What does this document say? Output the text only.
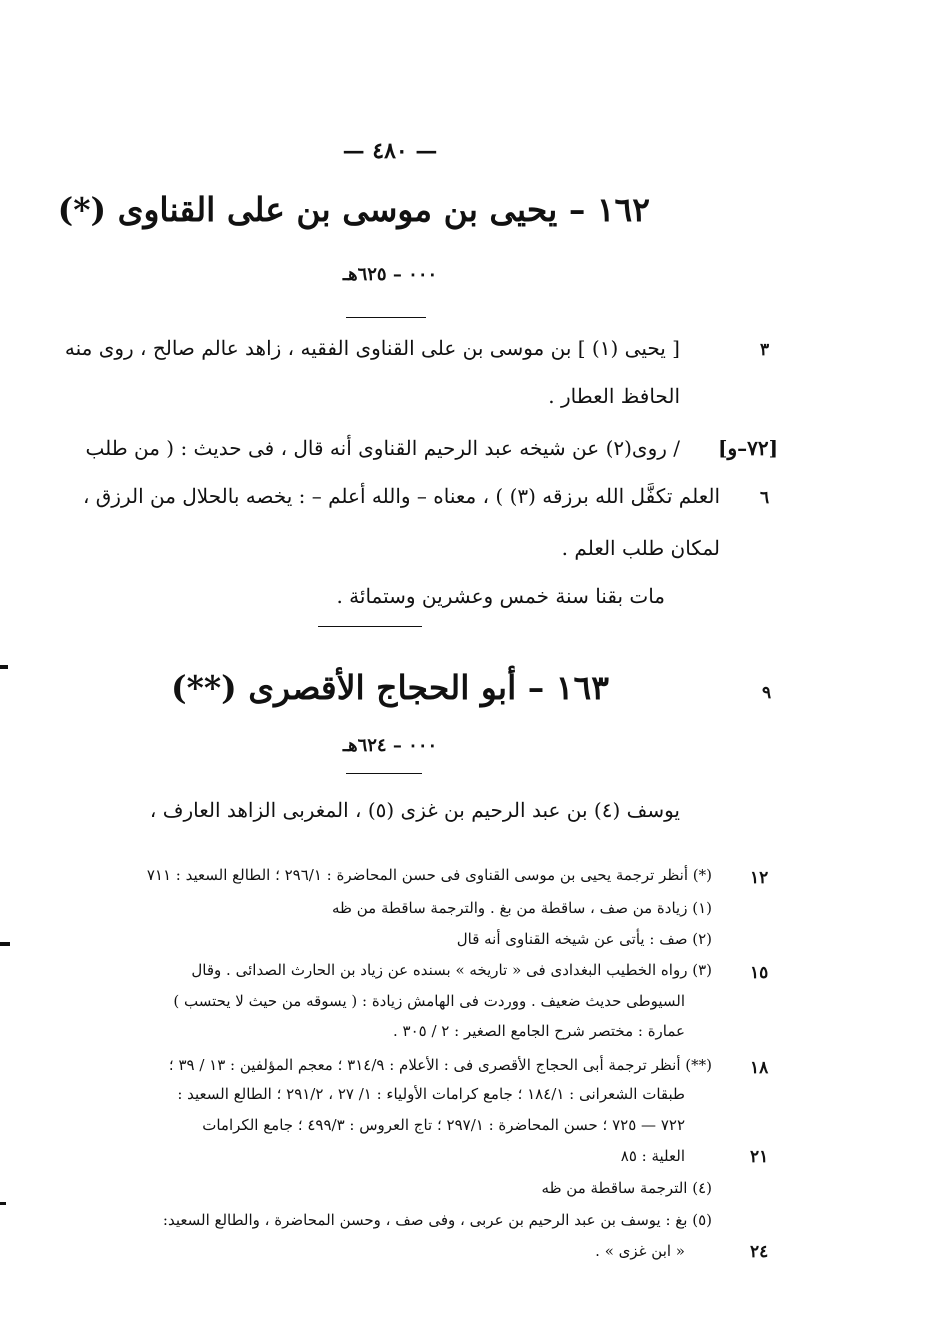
— ٤٨٠ —
١٦٢ – يحيى بن موسى بن على القناوى (*)
٠٠٠ – ٦٢٥هـ
[ يحيى (١) ] بن موسى بن على القناوى الفقيه ، زاهد عالم صالح ، روى منه
الحافظ العطار .
/ روى(٢) عن شيخه عبد الرحيم القناوى أنه قال ، فى حديث : ( من طلب [٧٢–و]
العلم تكفَّل الله برزقه (٣) ) ، معناه – والله أعلم – : يخصه بالحلال من الرزق ،
لمكان طلب العلم .
مات بقنا سنة خمس وعشرين وستمائة .
١٦٣ – أبو الحجاج الأقصرى (**)
٠٠٠ – ٦٢٤هـ
يوسف (٤) بن عبد الرحيم بن غزى (٥) ، المغربى الزاهد العارف ،
(*) أنظر ترجمة يحيى بن موسى القناوى فى حسن المحاضرة : ٢٩٦/١ ؛ الطالع السعيد : ٧١١
(١) زيادة من صف ، ساقطة من بغ . والترجمة ساقطة من ظه
(٢) صف : يأتى عن شيخه القناوى أنه قال
(٣) رواه الخطيب البغدادى فى « تاريخه » بسنده عن زياد بن الحارث الصدائى . وقال
السيوطى حديث ضعيف . ووردت فى الهامش زيادة : ( يسوقه من حيث لا يحتسب )
عمارة : مختصر شرح الجامع الصغير : ٢ / ٣٠٥ .
(**) أنظر ترجمة أبى الحجاج الأقصرى فى : الأعلام : ٣١٤/٩ ؛ معجم المؤلفين : ١٣ / ٣٩ ؛
طبقات الشعرانى : ١٨٤/١ ؛ جامع كرامات الأولياء : ١/ ٢٧ ، ٢٩١/٢ ؛ الطالع السعيد :
٧٢٢ — ٧٢٥ ؛ حسن المحاضرة : ٢٩٧/١ ؛ تاج العروس : ٤٩٩/٣ ؛ جامع الكرامات
العلية : ٨٥
(٤) الترجمة ساقطة من ظه
(٥) بغ : يوسف بن عبد الرحيم بن عربى ، وفى صف ، وحسن المحاضرة ، والطالع السعيد:
« ابن غزى » .
٣
٦
٩
١٢
١٥
١٨
٢١
٢٤
